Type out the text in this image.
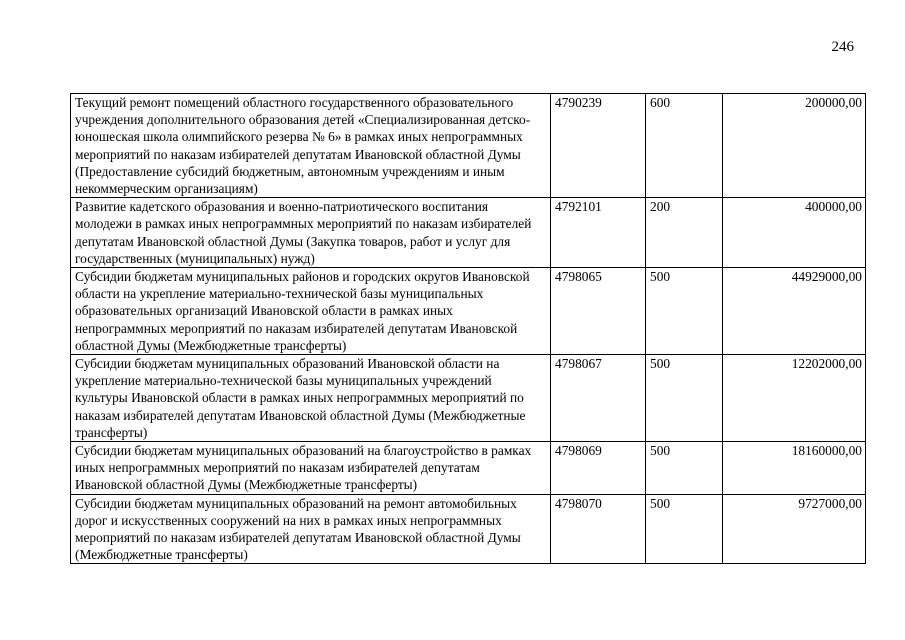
246
Текущий ремонт помещений областного государственного образовательного учреждения дополнительного образования детей «Специализированная детско-юношеская школа олимпийского резерва № 6» в рамках иных непрограммных мероприятий по наказам избирателей депутатам Ивановской областной Думы (Предоставление субсидий бюджетным, автономным учреждениям и иным некоммерческим организациям)	4790239	600	200000,00
Развитие кадетского образования и военно-патриотического воспитания молодежи в рамках иных непрограммных мероприятий по наказам избирателей депутатам Ивановской областной Думы (Закупка товаров, работ и услуг для государственных (муниципальных) нужд)	4792101	200	400000,00
Субсидии бюджетам муниципальных районов и городских округов Ивановской области на укрепление материально-технической базы муниципальных образовательных организаций Ивановской области в рамках иных непрограммных мероприятий по наказам избирателей депутатам Ивановской областной Думы (Межбюджетные трансферты)	4798065	500	44929000,00
Субсидии бюджетам муниципальных образований Ивановской области на укрепление материально-технической базы муниципальных учреждений культуры Ивановской области в рамках иных непрограммных мероприятий по наказам избирателей депутатам Ивановской областной Думы (Межбюджетные трансферты)	4798067	500	12202000,00
Субсидии бюджетам муниципальных образований на благоустройство в рамках иных непрограммных мероприятий по наказам избирателей депутатам Ивановской областной Думы (Межбюджетные трансферты)	4798069	500	18160000,00
Субсидии бюджетам муниципальных образований на ремонт автомобильных дорог и искусственных сооружений на них в рамках иных непрограммных мероприятий по наказам избирателей депутатам Ивановской областной Думы (Межбюджетные трансферты)	4798070	500	9727000,00
